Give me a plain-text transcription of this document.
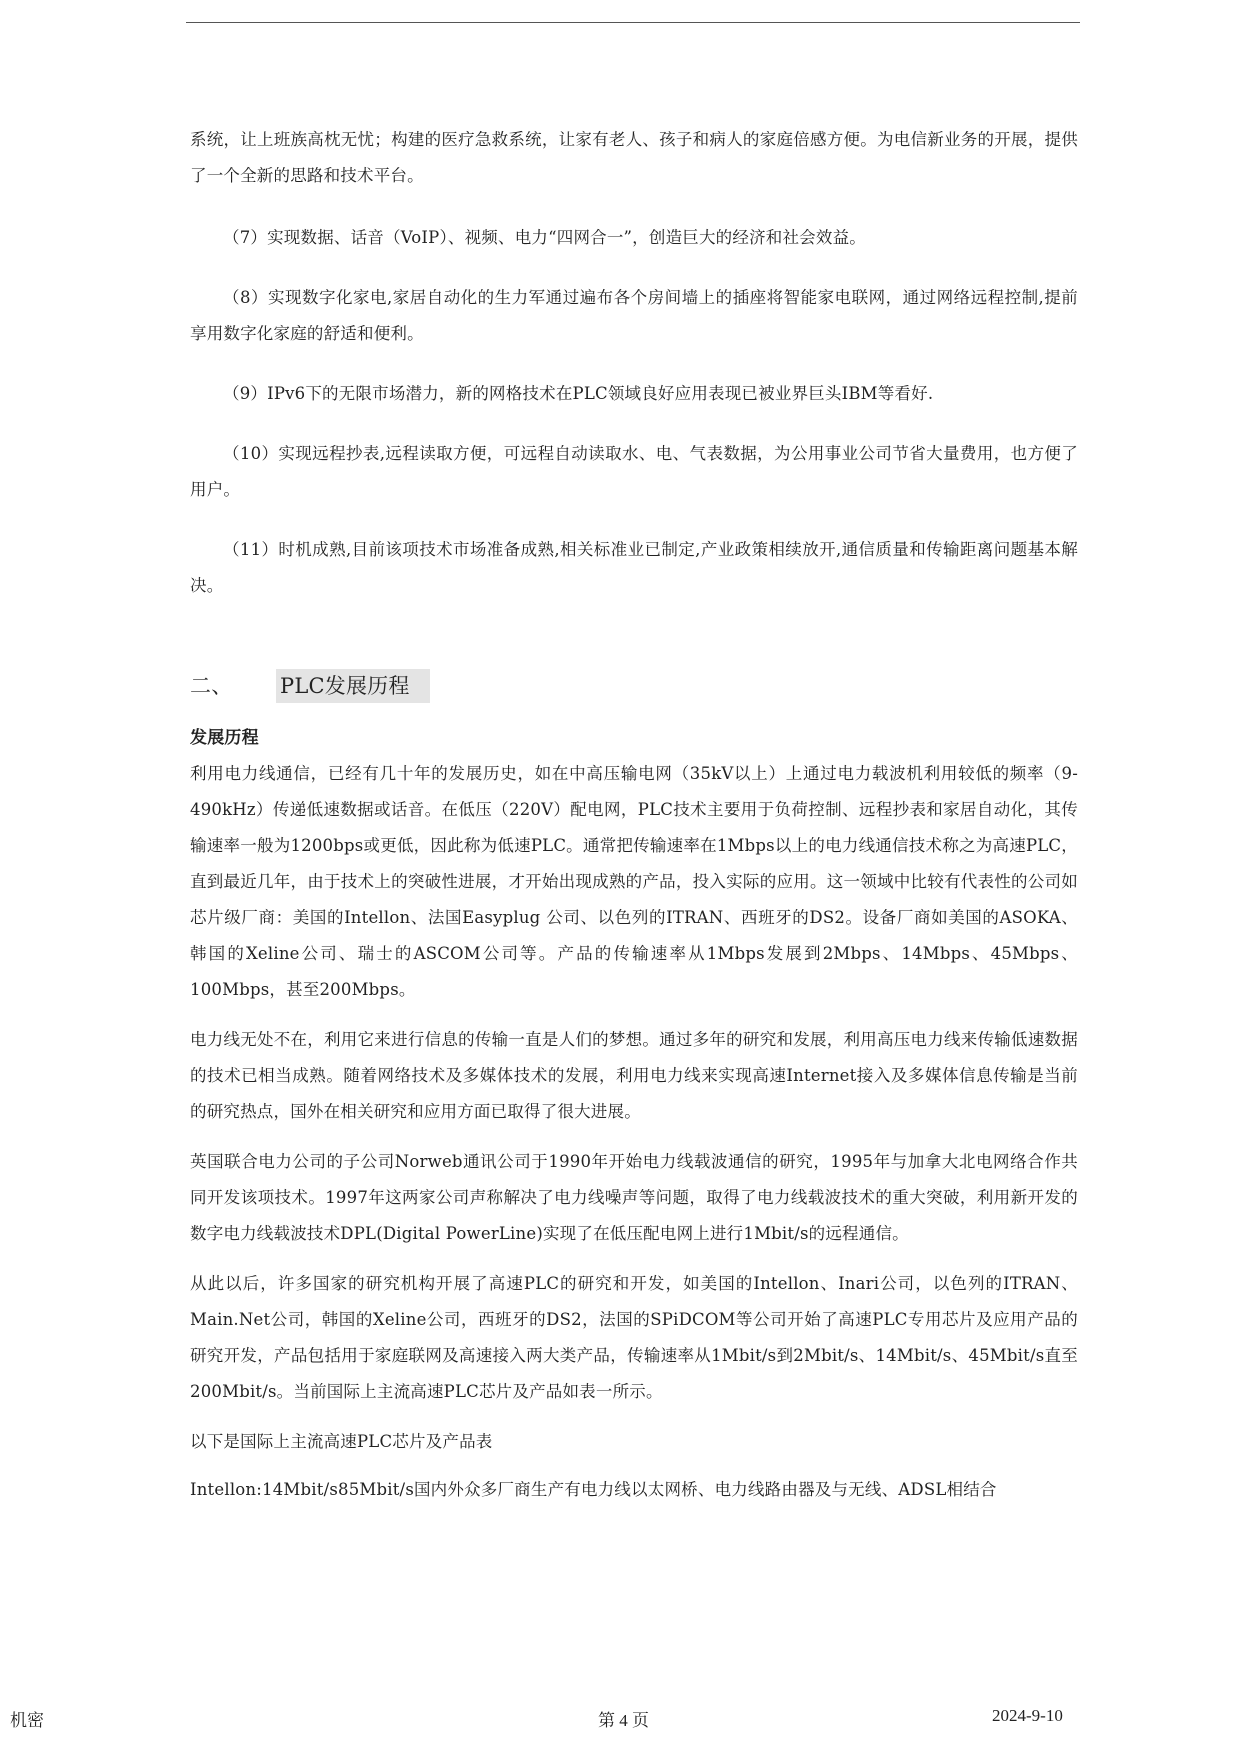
系统，让上班族高枕无忧；构建的医疗急救系统，让家有老人、孩子和病人的家庭倍感方便。为电信新业务的开展，提供了一个全新的思路和技术平台。

（7）实现数据、话音（VoIP）、视频、电力“四网合一”，创造巨大的经济和社会效益。

（8）实现数字化家电,家居自动化的生力军通过遍布各个房间墙上的插座将智能家电联网，通过网络远程控制,提前享用数字化家庭的舒适和便利。

（9）IPv6下的无限市场潜力，新的网格技术在PLC领域良好应用表现已被业界巨头IBM等看好.

（10）实现远程抄表,远程读取方便，可远程自动读取水、电、气表数据，为公用事业公司节省大量费用，也方便了用户。

（11）时机成熟,目前该项技术市场准备成熟,相关标准业已制定,产业政策相续放开,通信质量和传输距离问题基本解决。

二、	PLC发展历程

发展历程

利用电力线通信，已经有几十年的发展历史，如在中高压输电网（35kV以上）上通过电力载波机利用较低的频率（9-490kHz）传递低速数据或话音。在低压（220V）配电网，PLC技术主要用于负荷控制、远程抄表和家居自动化，其传输速率一般为1200bps或更低，因此称为低速PLC。通常把传输速率在1Mbps以上的电力线通信技术称之为高速PLC，直到最近几年，由于技术上的突破性进展，才开始出现成熟的产品，投入实际的应用。这一领域中比较有代表性的公司如芯片级厂商：美国的Intellon、法国Easyplug 公司、以色列的ITRAN、西班牙的DS2。设备厂商如美国的ASOKA、韩国的Xeline公司、瑞士的ASCOM公司等。产品的传输速率从1Mbps发展到2Mbps、14Mbps、45Mbps、100Mbps，甚至200Mbps。

电力线无处不在，利用它来进行信息的传输一直是人们的梦想。通过多年的研究和发展，利用高压电力线来传输低速数据的技术已相当成熟。随着网络技术及多媒体技术的发展，利用电力线来实现高速Internet接入及多媒体信息传输是当前的研究热点，国外在相关研究和应用方面已取得了很大进展。

英国联合电力公司的子公司Norweb通讯公司于1990年开始电力线载波通信的研究，1995年与加拿大北电网络合作共同开发该项技术。1997年这两家公司声称解决了电力线噪声等问题，取得了电力线载波技术的重大突破，利用新开发的数字电力线载波技术DPL(Digital PowerLine)实现了在低压配电网上进行1Mbit/s的远程通信。

从此以后，许多国家的研究机构开展了高速PLC的研究和开发，如美国的Intellon、Inari公司，以色列的ITRAN、Main.Net公司，韩国的Xeline公司，西班牙的DS2，法国的SPiDCOM等公司开始了高速PLC专用芯片及应用产品的研究开发，产品包括用于家庭联网及高速接入两大类产品，传输速率从1Mbit/s到2Mbit/s、14Mbit/s、45Mbit/s直至200Mbit/s。当前国际上主流高速PLC芯片及产品如表一所示。

以下是国际上主流高速PLC芯片及产品表

Intellon:14Mbit/s85Mbit/s国内外众多厂商生产有电力线以太网桥、电力线路由器及与无线、ADSL相结合

机密	第 4 页	2024-9-10
